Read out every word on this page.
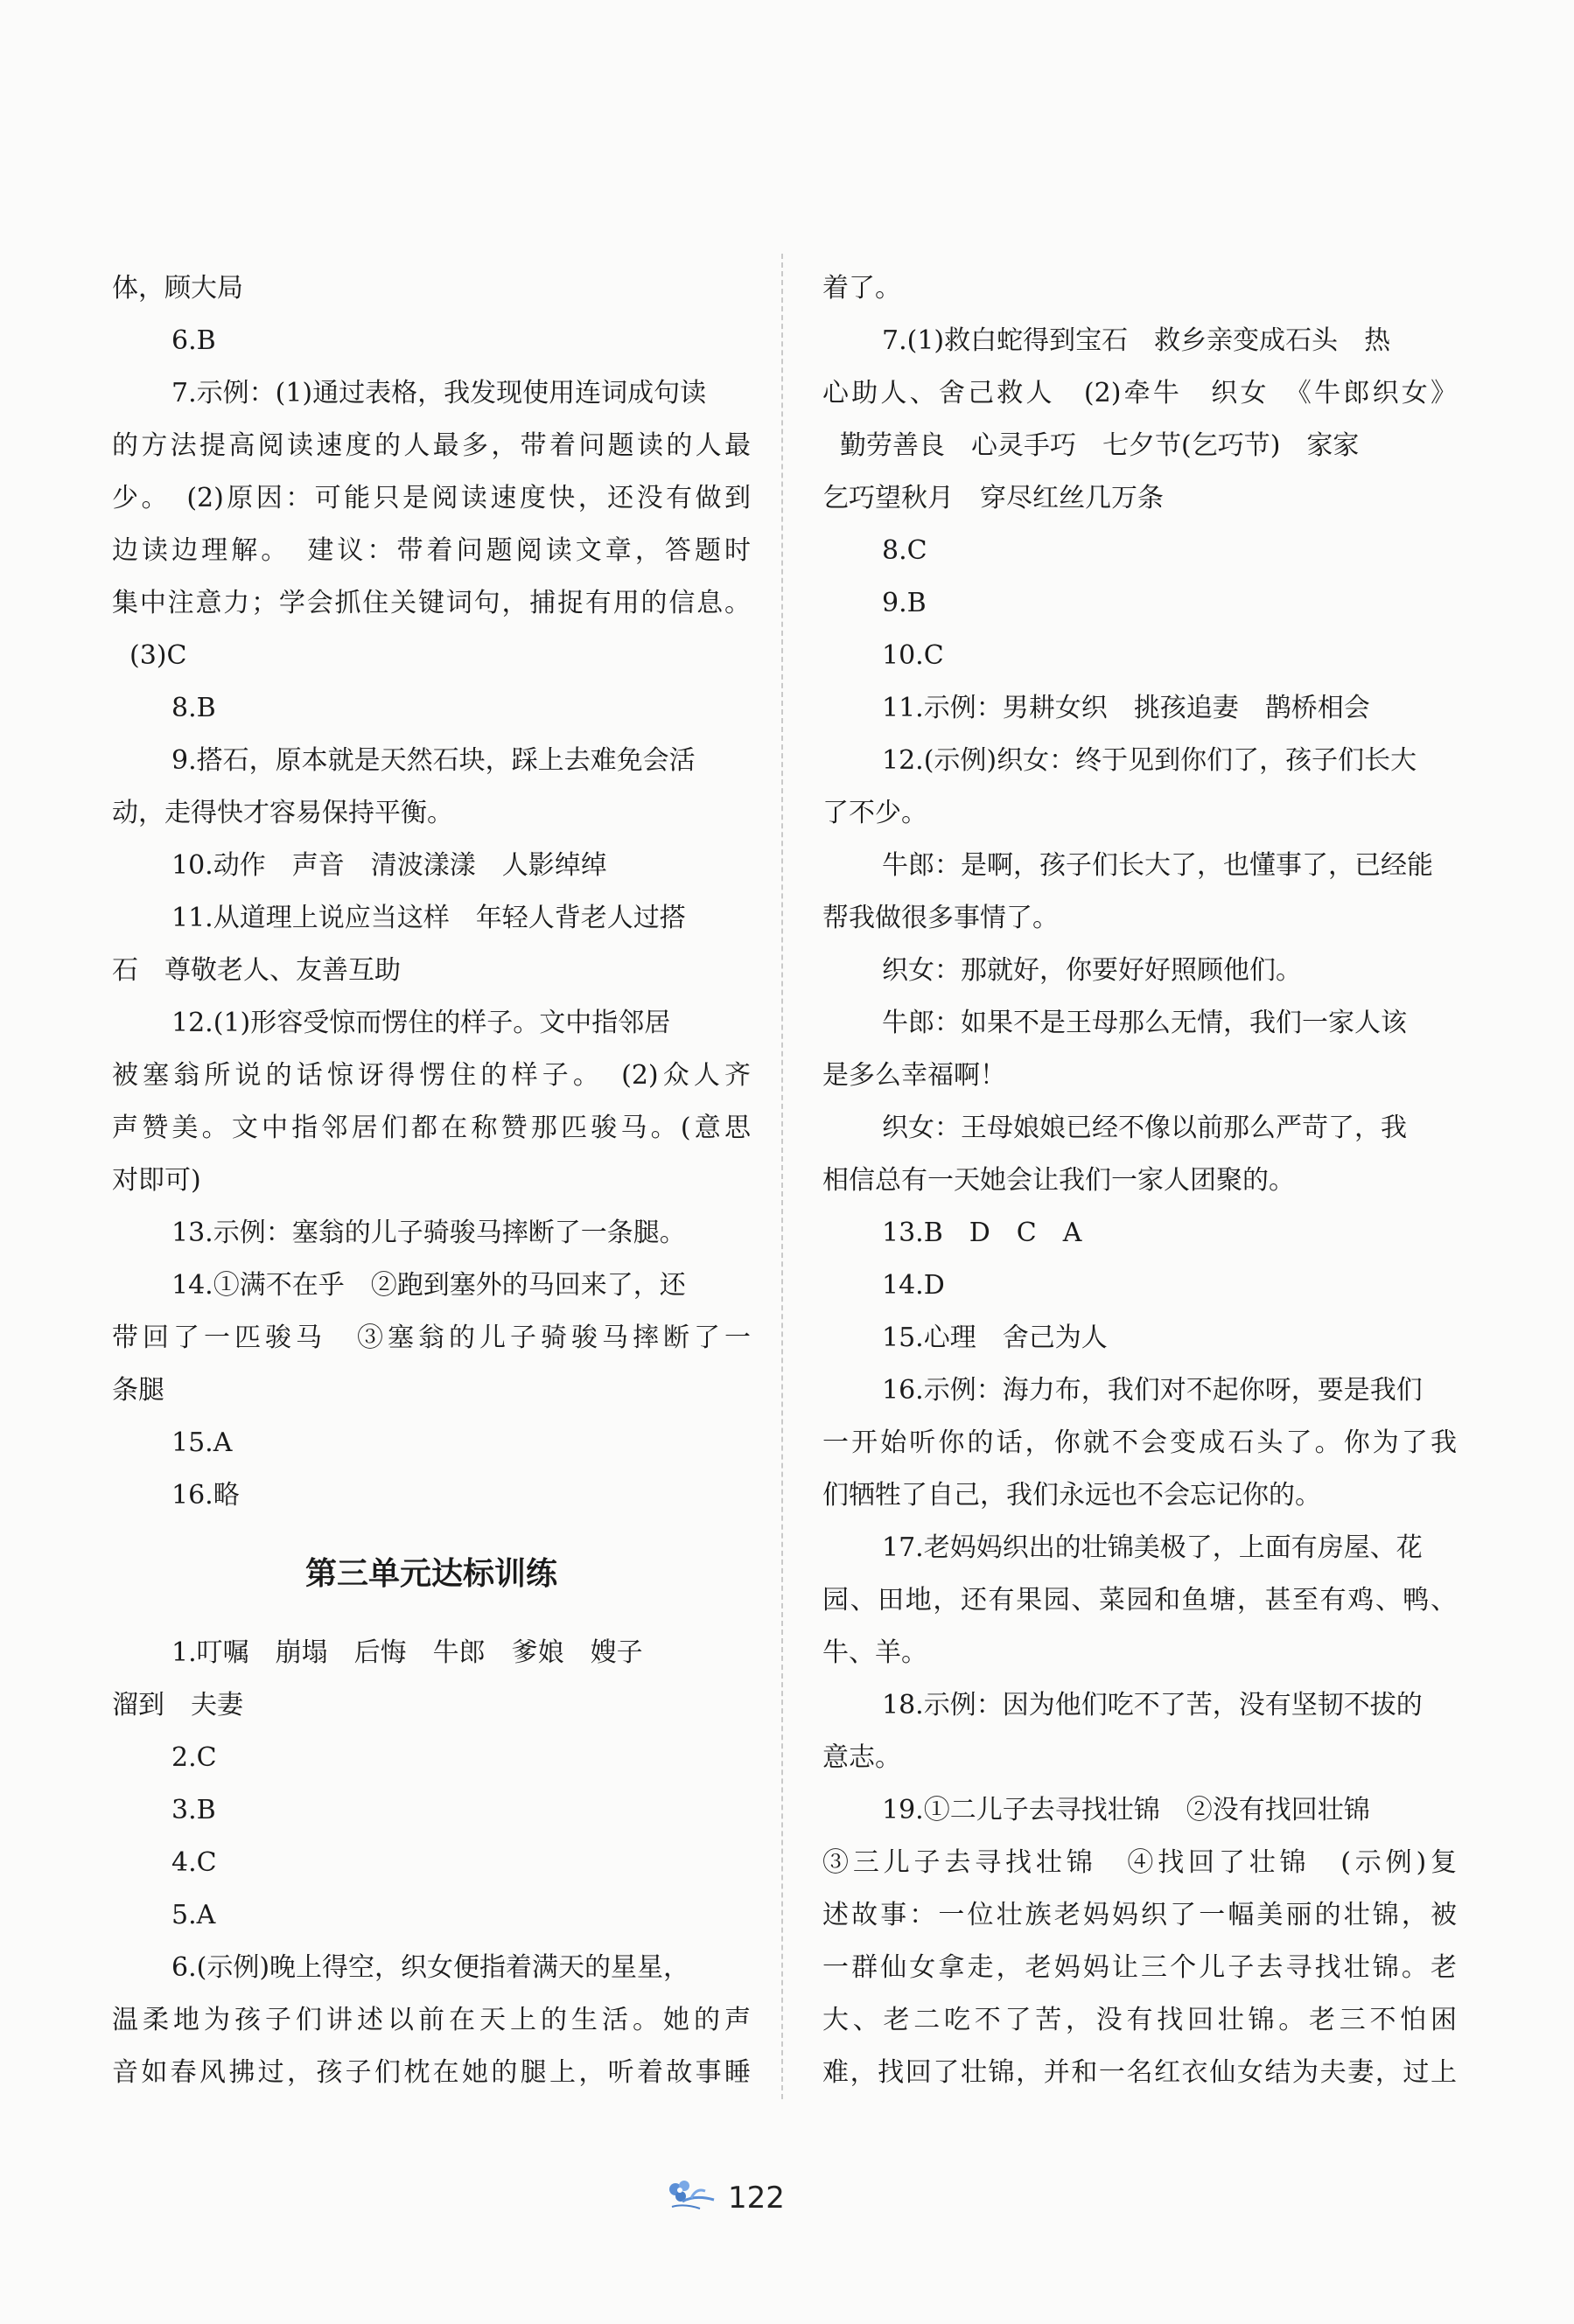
体，顾大局
6.B
7.示例：(1)通过表格，我发现使用连词成句读
的方法提高阅读速度的人最多，带着问题读的人最
少。　(2)原因：可能只是阅读速度快，还没有做到
边读边理解。　建议：带着问题阅读文章，答题时
集中注意力；学会抓住关键词句，捕捉有用的信息。
(3)C
8.B
9.搭石，原本就是天然石块，踩上去难免会活
动，走得快才容易保持平衡。
10.动作　声音　清波漾漾　人影绰绰
11.从道理上说应当这样　年轻人背老人过搭
石　尊敬老人、友善互助
12.(1)形容受惊而愣住的样子。文中指邻居
被塞翁所说的话惊讶得愣住的样子。　(2)众人齐
声赞美。文中指邻居们都在称赞那匹骏马。(意思
对即可)
13.示例：塞翁的儿子骑骏马摔断了一条腿。
14.①满不在乎　②跑到塞外的马回来了，还
带回了一匹骏马　③塞翁的儿子骑骏马摔断了一
条腿
15.A
16.略
第三单元达标训练
1.叮嘱　崩塌　后悔　牛郎　爹娘　嫂子
溜到　夫妻
2.C
3.B
4.C
5.A
6.(示例)晚上得空，织女便指着满天的星星，
温柔地为孩子们讲述以前在天上的生活。她的声
音如春风拂过，孩子们枕在她的腿上，听着故事睡
着了。
7.(1)救白蛇得到宝石　救乡亲变成石头　热
心助人、舍己救人　(2)牵牛　织女　《牛郎织女》
勤劳善良　心灵手巧　七夕节(乞巧节)　家家
乞巧望秋月　穿尽红丝几万条
8.C
9.B
10.C
11.示例：男耕女织　挑孩追妻　鹊桥相会
12.(示例)织女：终于见到你们了，孩子们长大
了不少。
牛郎：是啊，孩子们长大了，也懂事了，已经能
帮我做很多事情了。
织女：那就好，你要好好照顾他们。
牛郎：如果不是王母那么无情，我们一家人该
是多么幸福啊！
织女：王母娘娘已经不像以前那么严苛了，我
相信总有一天她会让我们一家人团聚的。
13.B　D　C　A
14.D
15.心理　舍己为人
16.示例：海力布，我们对不起你呀，要是我们
一开始听你的话，你就不会变成石头了。你为了我
们牺牲了自己，我们永远也不会忘记你的。
17.老妈妈织出的壮锦美极了，上面有房屋、花
园、田地，还有果园、菜园和鱼塘，甚至有鸡、鸭、
牛、羊。
18.示例：因为他们吃不了苦，没有坚韧不拔的
意志。
19.①二儿子去寻找壮锦　②没有找回壮锦
③三儿子去寻找壮锦　④找回了壮锦　(示例)复
述故事：一位壮族老妈妈织了一幅美丽的壮锦，被
一群仙女拿走，老妈妈让三个儿子去寻找壮锦。老
大、老二吃不了苦，没有找回壮锦。老三不怕困
难，找回了壮锦，并和一名红衣仙女结为夫妻，过上
122
